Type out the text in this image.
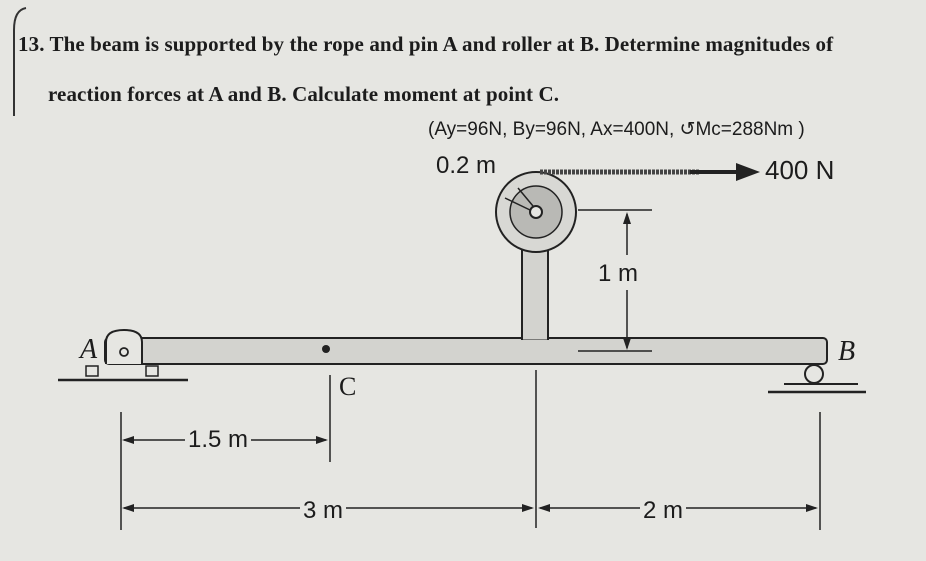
13. The beam is supported by the rope and pin A and roller at B. Determine magnitudes of
reaction forces at A and B. Calculate moment at point C.
(Ay=96N, By=96N, Ax=400N, ↺Mc=288Nm )
0.2 m	400 N
1 m
A	B
C
1.5 m
3 m	2 m
